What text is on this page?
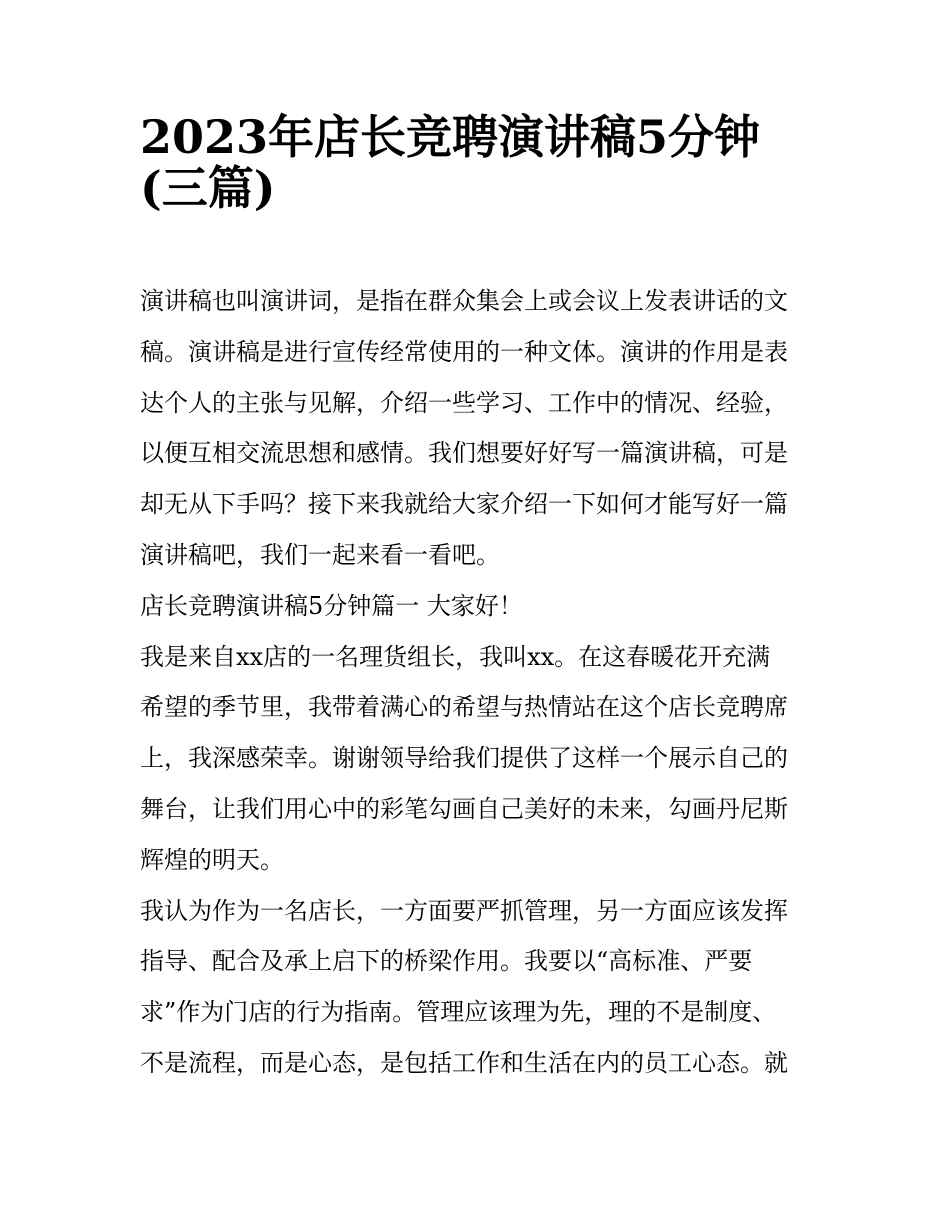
2023年店长竞聘演讲稿5分钟
(三篇)
演讲稿也叫演讲词，是指在群众集会上或会议上发表讲话的文
稿。演讲稿是进行宣传经常使用的一种文体。演讲的作用是表
达个人的主张与见解，介绍一些学习、工作中的情况、经验，
以便互相交流思想和感情。我们想要好好写一篇演讲稿，可是
却无从下手吗？接下来我就给大家介绍一下如何才能写好一篇
演讲稿吧，我们一起来看一看吧。
店长竞聘演讲稿5分钟篇一 大家好！
我是来自xx店的一名理货组长，我叫xx。在这春暖花开充满
希望的季节里，我带着满心的希望与热情站在这个店长竞聘席
上，我深感荣幸。谢谢领导给我们提供了这样一个展示自己的
舞台，让我们用心中的彩笔勾画自己美好的未来，勾画丹尼斯
辉煌的明天。
我认为作为一名店长，一方面要严抓管理，另一方面应该发挥
指导、配合及承上启下的桥梁作用。我要以“高标准、严要
求”作为门店的行为指南。管理应该理为先，理的不是制度、
不是流程，而是心态，是包括工作和生活在内的员工心态。就
